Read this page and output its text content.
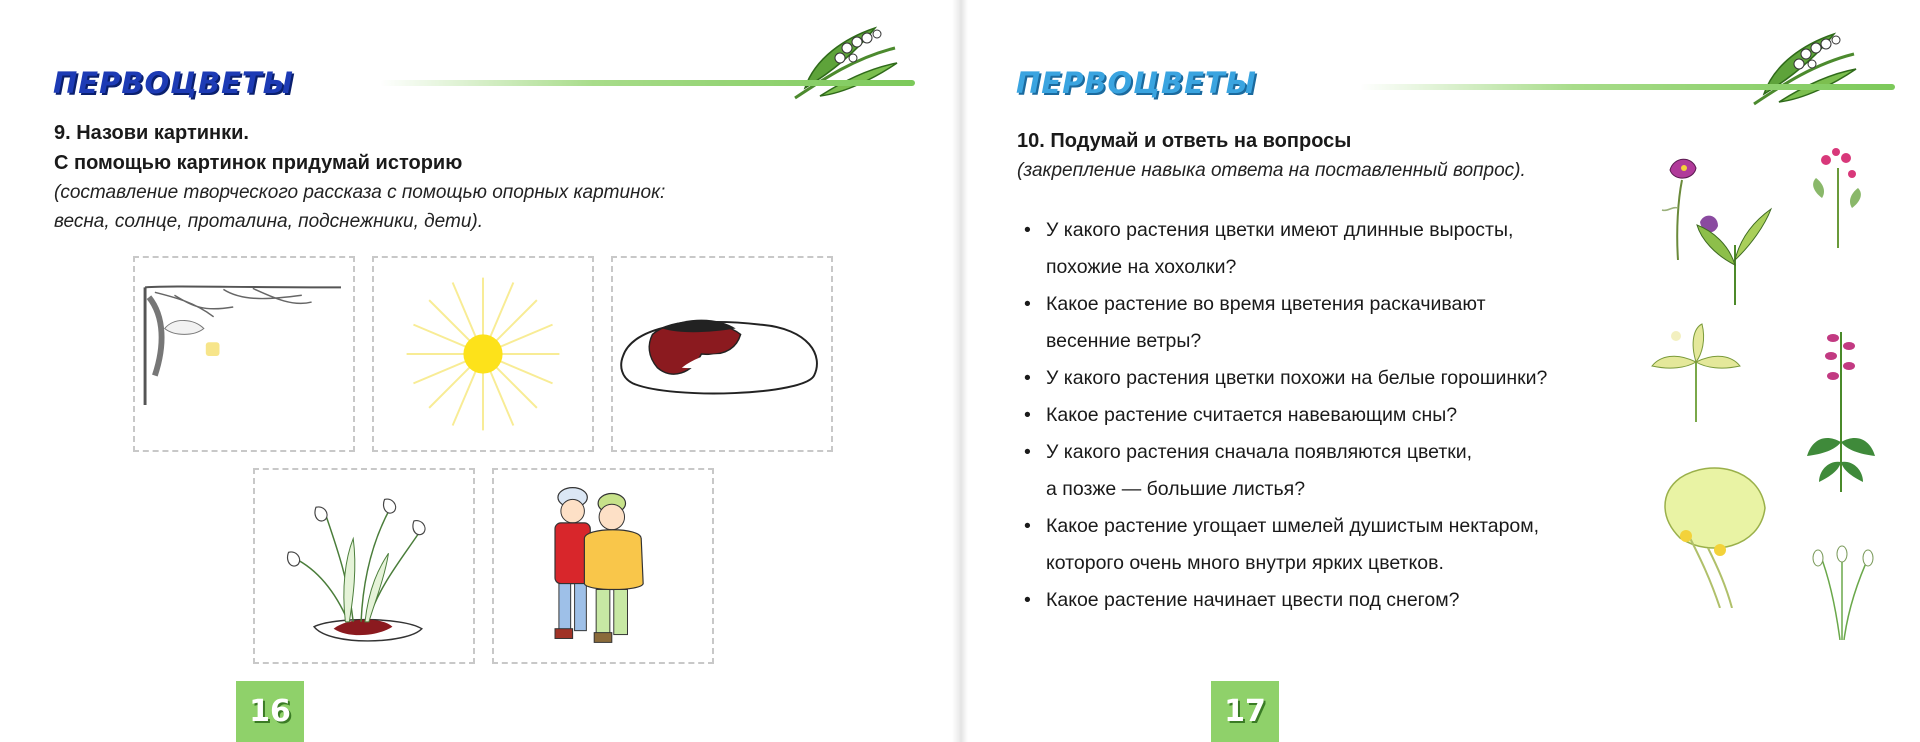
ПЕРВОЦВЕТЫ
9. Назови картинки.
С помощью картинок придумай историю
(составление творческого рассказа с помощью опорных картинок:
весна, солнце, проталина, подснежники, дети).
16
ПЕРВОЦВЕТЫ
10. Подумай и ответь на вопросы
(закрепление навыка ответа на поставленный вопрос).
• У какого растения цветки имеют длинные выросты,
похожие на хохолки?
• Какое растение во время цветения раскачивают
весенние ветры?
• У какого растения цветки похожи на белые горошинки?
• Какое растение считается навевающим сны?
• У какого растения сначала появляются цветки,
а позже — большие листья?
• Какое растение угощает шмелей душистым нектаром,
которого очень много внутри ярких цветков.
• Какое растение начинает цвести под снегом?
17
